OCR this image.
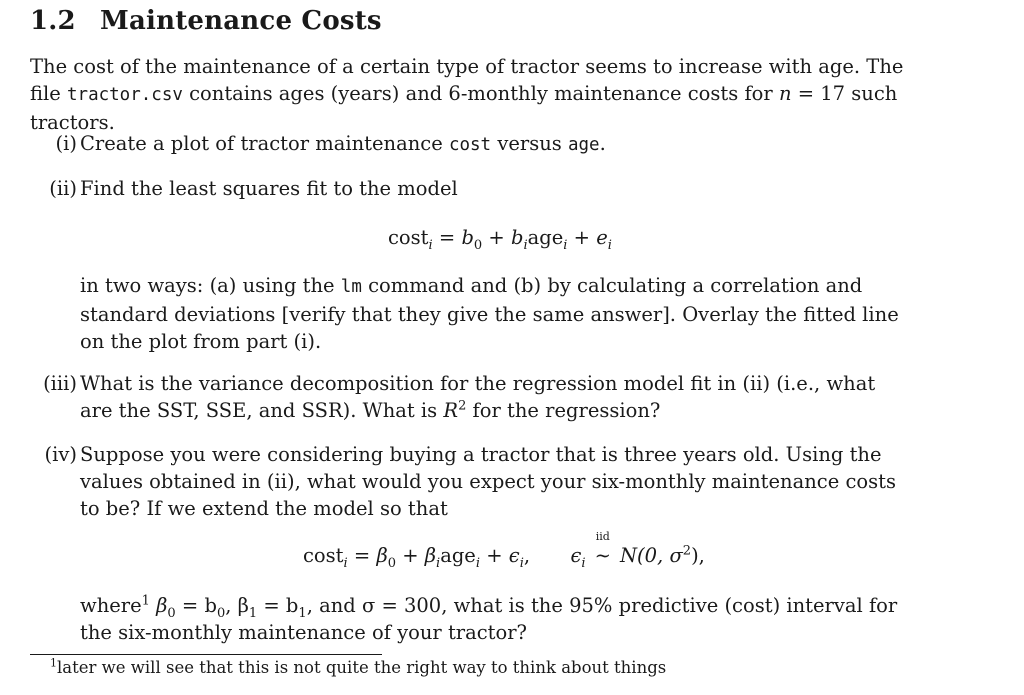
1.2 Maintenance Costs
The cost of the maintenance of a certain type of tractor seems to increase with age. The file tractor.csv contains ages (years) and 6-monthly maintenance costs for n = 17 such tractors.
(i) Create a plot of tractor maintenance cost versus age.
(ii) Find the least squares fit to the model
$\cos t_i = b_0 + b_iage_i + e_i$
in two ways: (a) using the lm command and (b) by calculating a correlation and standard deviations [verify that they give the same answer]. Overlay the fitted line on the plot from part (i).
(iii) What is the variance decomposition for the regression model fit in (ii) (i.e., what are the SST, SSE, and SSR). What is $R^2$ for the regression?
(iv) Suppose you were considering buying a tractor that is three years old. Using the values obtained in (ii), what would you expect your six-monthly maintenance costs to be? If we extend the model so that
$\cos t_i = \beta_0 + \beta_iage_i + \epsilon_i$, $\epsilon_i$
iid
∼ N(0, $\sigma^2$),
where$^1$ $\beta_0 = b_0$, $\beta_1 = b_1$, and σ = 300, what is the 95% predictive (cost) interval for the six-monthly maintenance of your tractor?
$^1$later we will see that this is not quite the right way to think about things
